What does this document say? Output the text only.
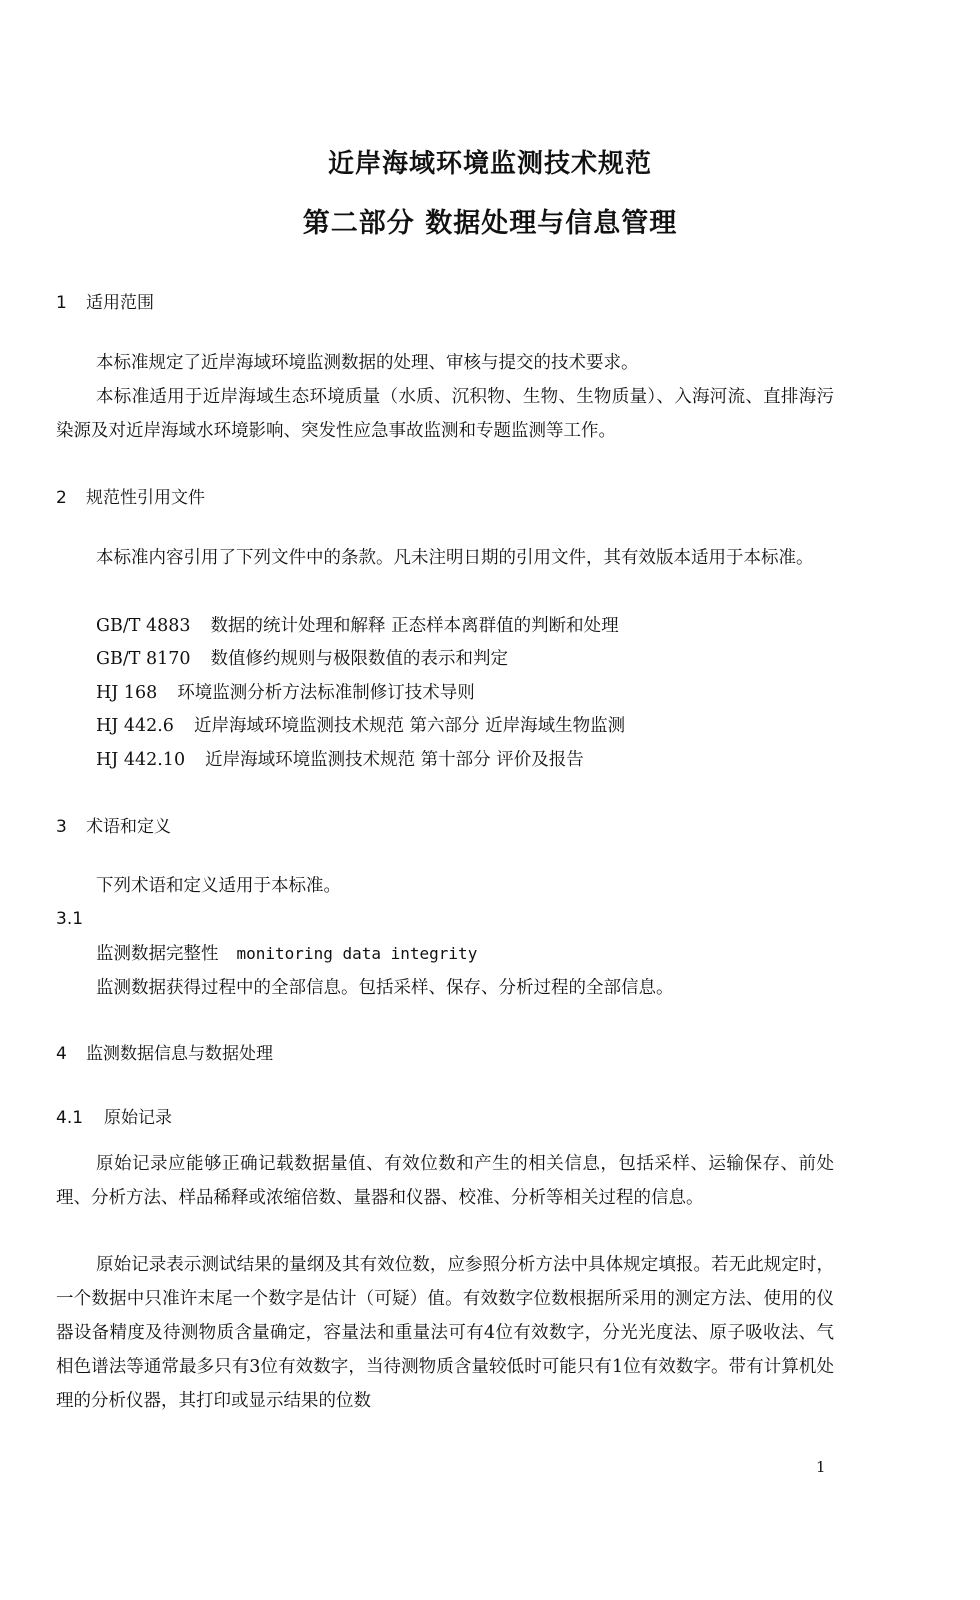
近岸海域环境监测技术规范
第二部分 数据处理与信息管理
1 适用范围
本标准规定了近岸海域环境监测数据的处理、审核与提交的技术要求。
本标准适用于近岸海域生态环境质量（水质、沉积物、生物、生物质量）、入海河流、直排海污染源及对近岸海域水环境影响、突发性应急事故监测和专题监测等工作。
2 规范性引用文件
本标准内容引用了下列文件中的条款。凡未注明日期的引用文件，其有效版本适用于本标准。
GB/T 4883 数据的统计处理和解释 正态样本离群值的判断和处理
GB/T 8170 数值修约规则与极限数值的表示和判定
HJ 168 环境监测分析方法标准制修订技术导则
HJ 442.6 近岸海域环境监测技术规范 第六部分 近岸海域生物监测
HJ 442.10 近岸海域环境监测技术规范 第十部分 评价及报告
3 术语和定义
下列术语和定义适用于本标准。
3.1
监测数据完整性 monitoring data integrity
监测数据获得过程中的全部信息。包括采样、保存、分析过程的全部信息。
4 监测数据信息与数据处理
4.1 原始记录
原始记录应能够正确记载数据量值、有效位数和产生的相关信息，包括采样、运输保存、前处理、分析方法、样品稀释或浓缩倍数、量器和仪器、校准、分析等相关过程的信息。
原始记录表示测试结果的量纲及其有效位数，应参照分析方法中具体规定填报。若无此规定时，一个数据中只准许末尾一个数字是估计（可疑）值。有效数字位数根据所采用的测定方法、使用的仪器设备精度及待测物质含量确定，容量法和重量法可有4位有效数字，分光光度法、原子吸收法、气相色谱法等通常最多只有3位有效数字，当待测物质含量较低时可能只有1位有效数字。带有计算机处理的分析仪器，其打印或显示结果的位数
1
